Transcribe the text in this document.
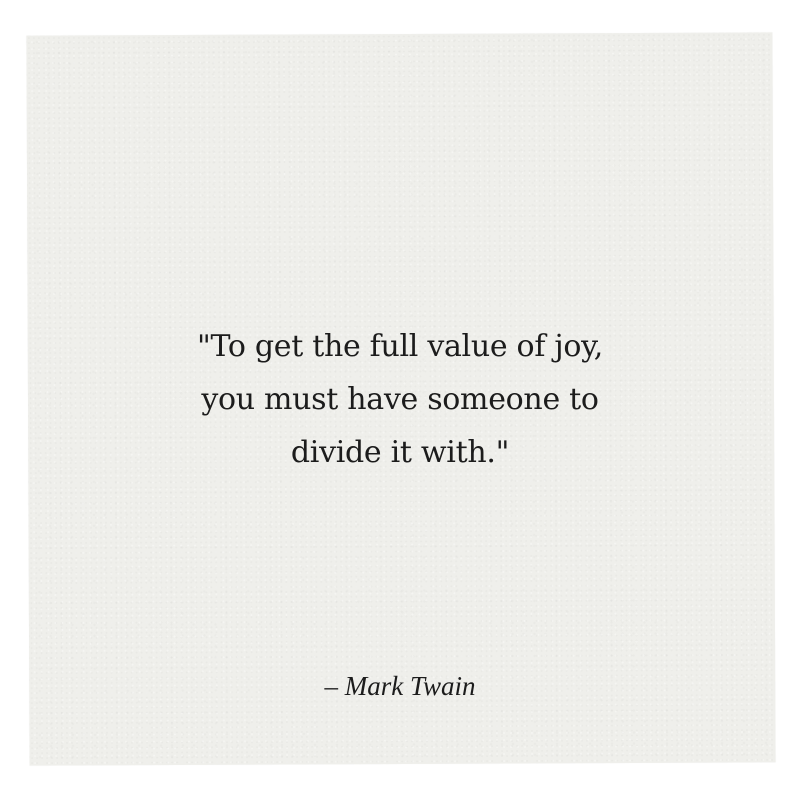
"To get the full value of joy,
you must have someone to
divide it with."
– Mark Twain
